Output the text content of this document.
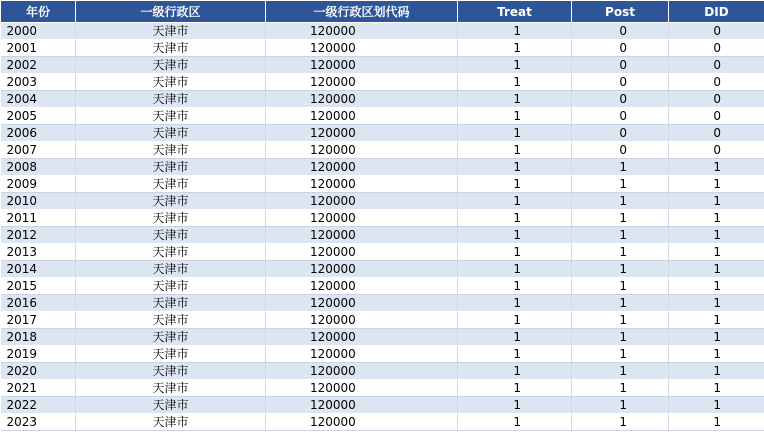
年份	一级行政区	一级行政区划代码	Treat	Post	DID
2000	天津市	120000	1	0	0
2001	天津市	120000	1	0	0
2002	天津市	120000	1	0	0
2003	天津市	120000	1	0	0
2004	天津市	120000	1	0	0
2005	天津市	120000	1	0	0
2006	天津市	120000	1	0	0
2007	天津市	120000	1	0	0
2008	天津市	120000	1	1	1
2009	天津市	120000	1	1	1
2010	天津市	120000	1	1	1
2011	天津市	120000	1	1	1
2012	天津市	120000	1	1	1
2013	天津市	120000	1	1	1
2014	天津市	120000	1	1	1
2015	天津市	120000	1	1	1
2016	天津市	120000	1	1	1
2017	天津市	120000	1	1	1
2018	天津市	120000	1	1	1
2019	天津市	120000	1	1	1
2020	天津市	120000	1	1	1
2021	天津市	120000	1	1	1
2022	天津市	120000	1	1	1
2023	天津市	120000	1	1	1
